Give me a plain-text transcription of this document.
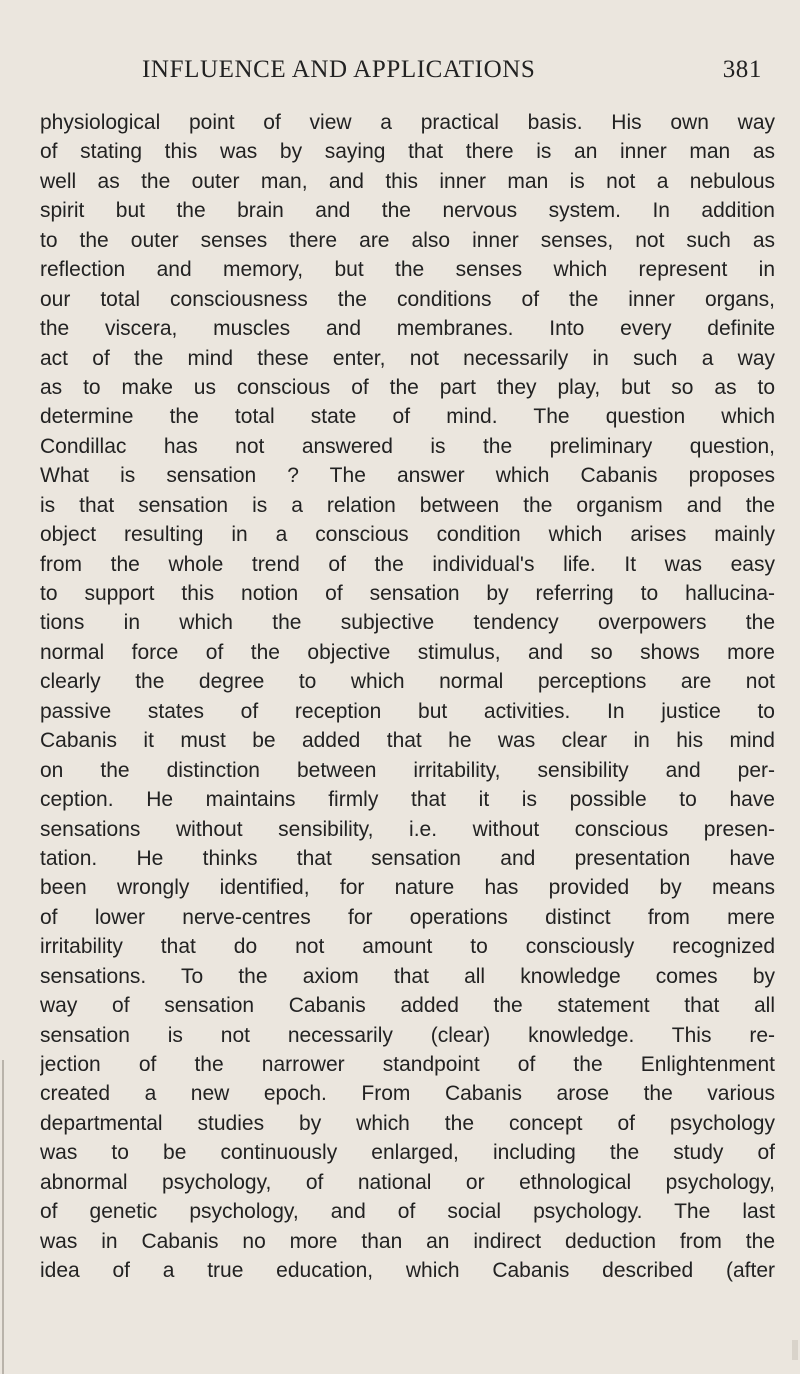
INFLUENCE AND APPLICATIONS	381
physiological point of view a practical basis. His own way
of stating this was by saying that there is an inner man as
well as the outer man, and this inner man is not a nebulous
spirit but the brain and the nervous system. In addition
to the outer senses there are also inner senses, not such as
reflection and memory, but the senses which represent in
our total consciousness the conditions of the inner organs,
the viscera, muscles and membranes. Into every definite
act of the mind these enter, not necessarily in such a way
as to make us conscious of the part they play, but so as to
determine the total state of mind. The question which
Condillac has not answered is the preliminary question,
What is sensation ? The answer which Cabanis proposes
is that sensation is a relation between the organism and the
object resulting in a conscious condition which arises mainly
from the whole trend of the individual's life. It was easy
to support this notion of sensation by referring to hallucina-
tions in which the subjective tendency overpowers the
normal force of the objective stimulus, and so shows more
clearly the degree to which normal perceptions are not
passive states of reception but activities. In justice to
Cabanis it must be added that he was clear in his mind
on the distinction between irritability, sensibility and per-
ception. He maintains firmly that it is possible to have
sensations without sensibility, i.e. without conscious presen-
tation. He thinks that sensation and presentation have
been wrongly identified, for nature has provided by means
of lower nerve-centres for operations distinct from mere
irritability that do not amount to consciously recognized
sensations. To the axiom that all knowledge comes by
way of sensation Cabanis added the statement that all
sensation is not necessarily (clear) knowledge. This re-
jection of the narrower standpoint of the Enlightenment
created a new epoch. From Cabanis arose the various
departmental studies by which the concept of psychology
was to be continuously enlarged, including the study of
abnormal psychology, of national or ethnological psychology,
of genetic psychology, and of social psychology. The last
was in Cabanis no more than an indirect deduction from the
idea of a true education, which Cabanis described (after
